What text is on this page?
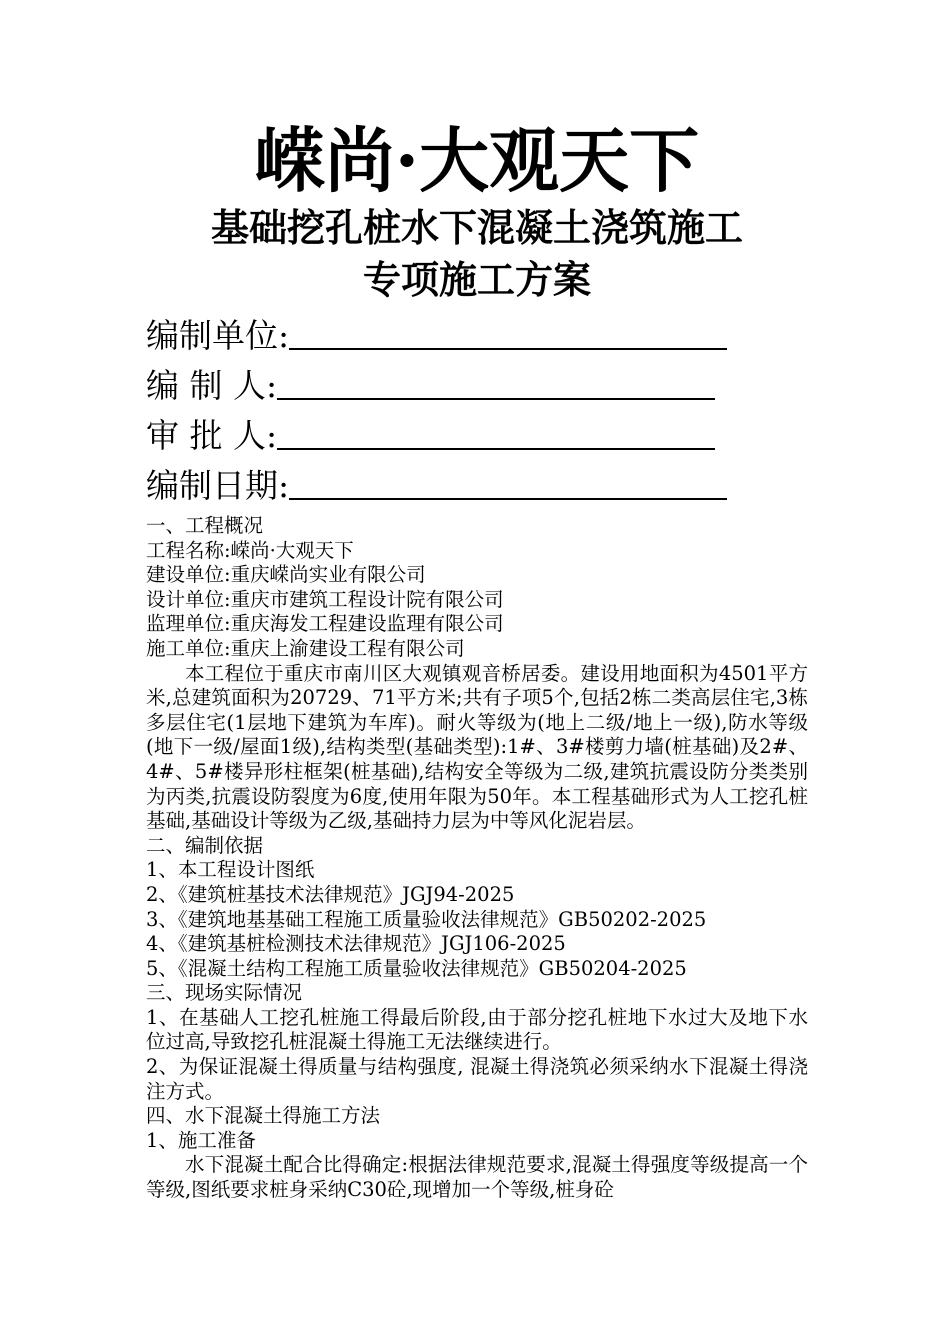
嵘尚·大观天下
基础挖孔桩水下混凝土浇筑施工
专项施工方案
编制单位:
编 制 人:
审 批 人:
编制日期:

一、工程概况

工程名称:嵘尚·大观天下

建设单位:重庆嵘尚实业有限公司

设计单位:重庆市建筑工程设计院有限公司

监理单位:重庆海发工程建设监理有限公司

施工单位:重庆上渝建设工程有限公司

本工程位于重庆市南川区大观镇观音桥居委。建设用地面积为4501平方米,总建筑面积为20729、71平方米;共有子项5个,包括2栋二类高层住宅,3栋多层住宅(1层地下建筑为车库)。耐火等级为(地上二级/地上一级),防水等级(地下一级/屋面1级),结构类型(基础类型):1#、3#楼剪力墙(桩基础)及2#、4#、5#楼异形柱框架(桩基础),结构安全等级为二级,建筑抗震设防分类类别为丙类,抗震设防裂度为6度,使用年限为50年。本工程基础形式为人工挖孔桩基础,基础设计等级为乙级,基础持力层为中等风化泥岩层。

二、编制依据

1、本工程设计图纸

2、《建筑桩基技术法律规范》JGJ94-2025

3、《建筑地基基础工程施工质量验收法律规范》GB50202-2025

4、《建筑基桩检测技术法律规范》JGJ106-2025

5、《混凝土结构工程施工质量验收法律规范》GB50204-2025

三、现场实际情况

1、在基础人工挖孔桩施工得最后阶段,由于部分挖孔桩地下水过大及地下水位过高,导致挖孔桩混凝土得施工无法继续进行。

2、为保证混凝土得质量与结构强度, 混凝土得浇筑必须采纳水下混凝土得浇注方式。

四、水下混凝土得施工方法

1、施工准备

水下混凝土配合比得确定:根据法律规范要求,混凝土得强度等级提高一个等级,图纸要求桩身采纳C30砼,现增加一个等级,桩身砼
